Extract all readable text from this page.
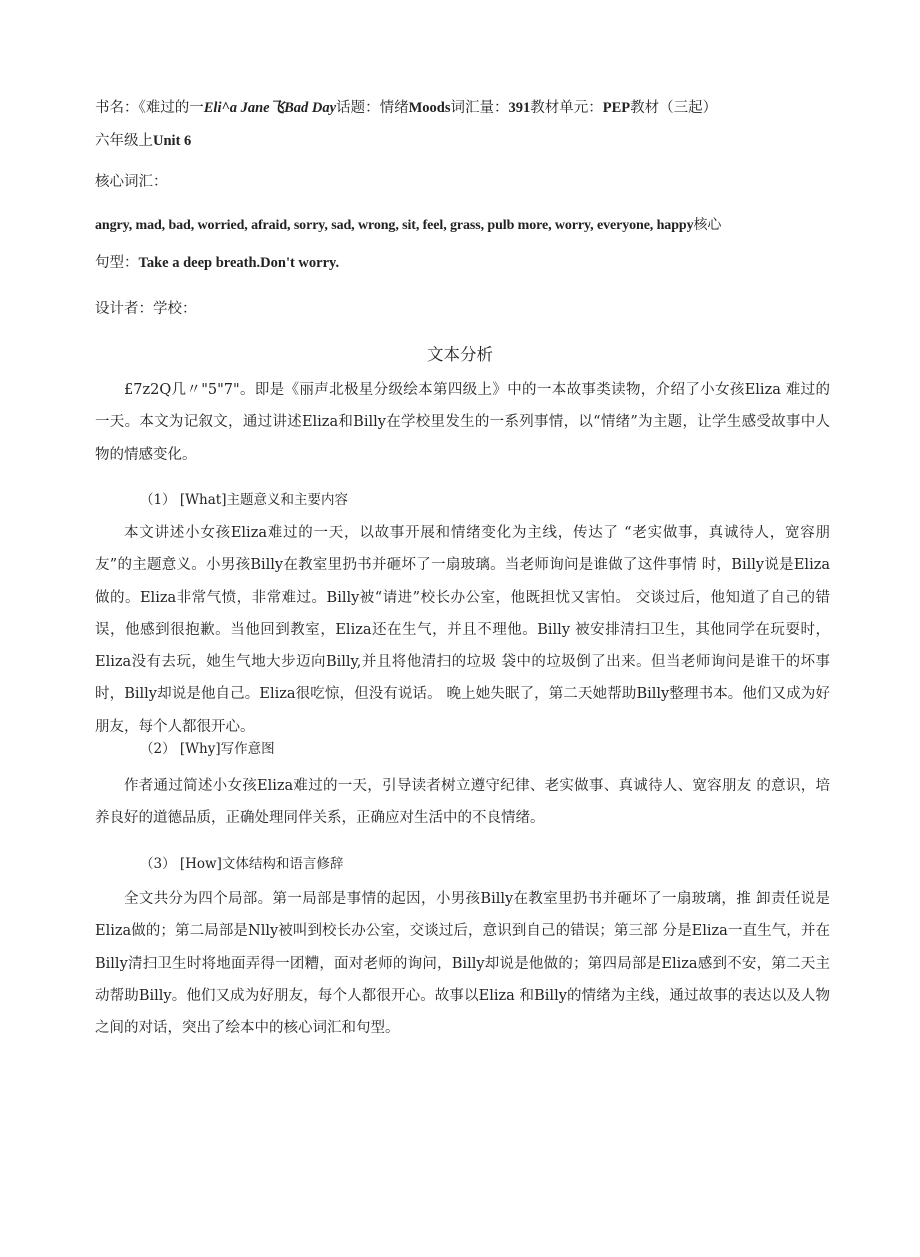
书名：《难过的一Eli^a Jane飞Bad Day话题：情绪Moods词汇量：391教材单元：PEP教材（三起）
六年级上Unit 6
核心词汇：
angry, mad, bad, worried, afraid, sorry, sad, wrong, sit, feel, grass, pulb more, worry, everyone, happy核心
句型：Take a deep breath.Don't worry.
设计者：学校：
文本分析
£7z2Q几〃"5"7"。即是《丽声北极星分级绘本第四级上》中的一本故事类读物，介绍了小女孩Eliza 难过的一天。本文为记叙文，通过讲述Eliza和Billy在学校里发生的一系列事情，以“情绪”为主题，让学生感受故事中人物的情感变化。
（1） [What]主题意义和主要内容
本文讲述小女孩Eliza难过的一天，以故事开展和情绪变化为主线，传达了 “老实做事，真诚待人，宽容朋友”的主题意义。小男孩Billy在教室里扔书并砸坏了一扇玻璃。当老师询问是谁做了这件事情 时，Billy说是Eliza做的。Eliza非常气愤，非常难过。Billy被“请进”校长办公室，他既担忧又害怕。 交谈过后，他知道了自己的错误，他感到很抱歉。当他回到教室，Eliza还在生气，并且不理他。Billy 被安排清扫卫生，其他同学在玩耍时，Eliza没有去玩，她生气地大步迈向Billy,并且将他清扫的垃圾 袋中的垃圾倒了出来。但当老师询问是谁干的坏事时，Billy却说是他自己。Eliza很吃惊，但没有说话。 晚上她失眠了，第二天她帮助Billy整理书本。他们又成为好朋友，每个人都很开心。
（2） [Why]写作意图
作者通过简述小女孩Eliza难过的一天，引导读者树立遵守纪律、老实做事、真诚待人、宽容朋友 的意识，培养良好的道德品质，正确处理同伴关系，正确应对生活中的不良情绪。
（3） [How]文体结构和语言修辞
全文共分为四个局部。第一局部是事情的起因，小男孩Billy在教室里扔书并砸坏了一扇玻璃，推 卸责任说是Eliza做的；第二局部是Nlly被叫到校长办公室，交谈过后，意识到自己的错误；第三部 分是Eliza一直生气，并在Billy清扫卫生时将地面弄得一团糟，面对老师的询问，Billy却说是他做的；第四局部是Eliza感到不安，第二天主动帮助Billy。他们又成为好朋友，每个人都很开心。故事以Eliza 和Billy的情绪为主线，通过故事的表达以及人物之间的对话，突出了绘本中的核心词汇和句型。
